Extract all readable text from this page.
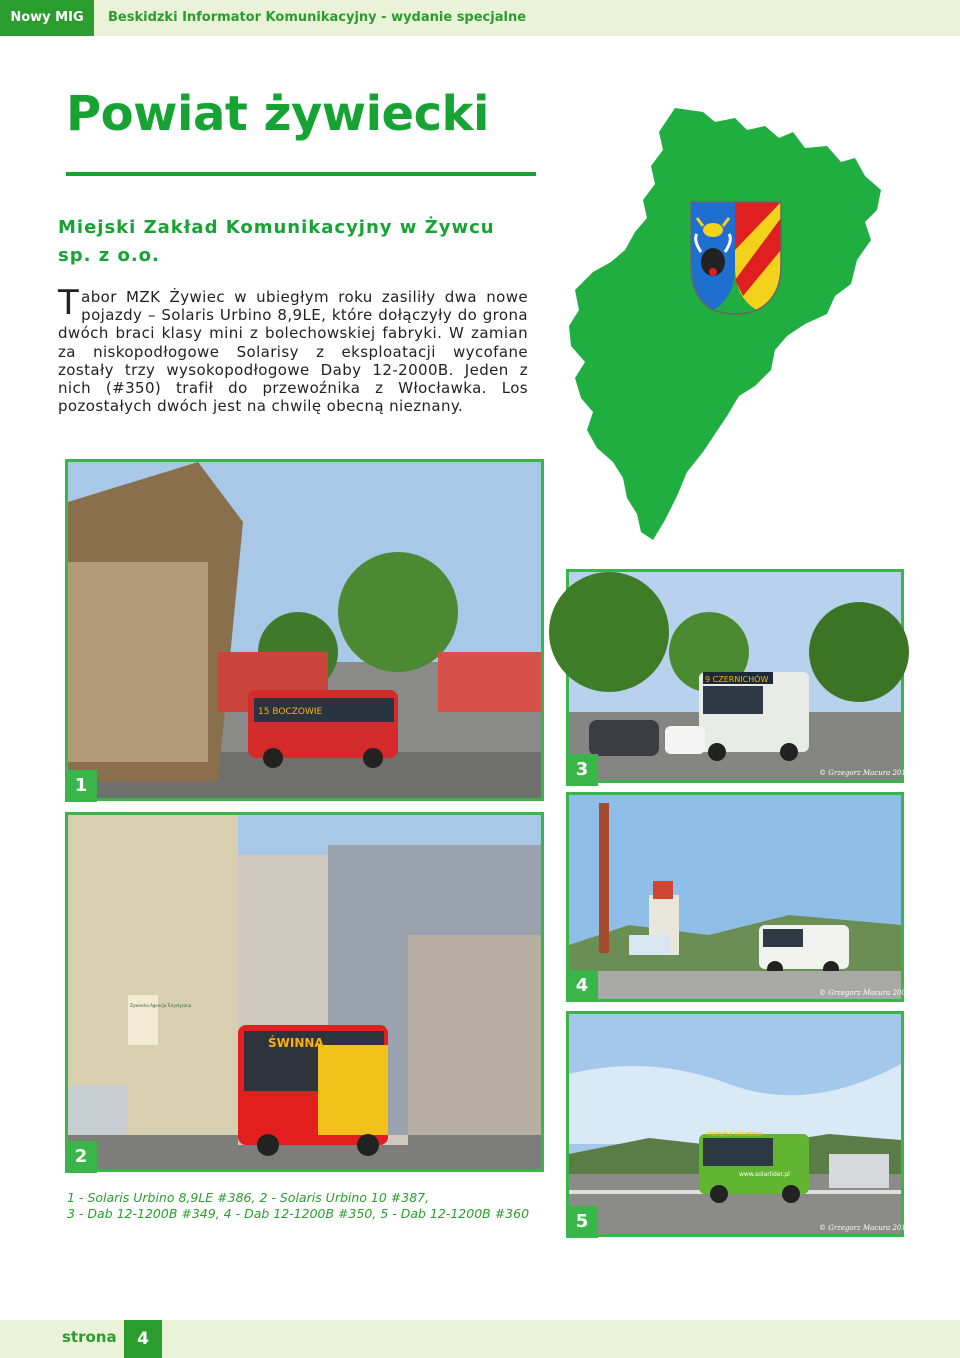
Nowy MIG	Beskidzki Informator Komunikacyjny - wydanie specjalne
Powiat żywiecki
Miejski Zakład Komunikacyjny w Żywcu
sp. z o.o.
Tabor MZK Żywiec w ubiegłym roku zasiliły dwa nowe pojazdy – Solaris Urbino 8,9LE, które dołączyły do grona dwóch braci klasy mini z bolechowskiej fabryki. W zamian za niskopodłogowe Solarisy z eksploatacji wycofane zostały trzy wysokopodłogowe Daby 12-2000B. Jeden z nich (#350) trafił do przewoźnika z Włocławka. Los pozostałych dwóch jest na chwilę obecną nieznany.
15 BOCZOWIE
1
ŚWINNA
Żywiecka Agencja Turystyczna
2
9 CZERNICHÓW
© Grzegorz Macura 2013
3
© Grzegorz Macura 2009
4
PRZELĘCZ KOCIERSKA
www.solarlider.pl
© Grzegorz Macura 2013
5
1 - Solaris Urbino 8,9LE #386, 2 - Solaris Urbino 10 #387,
3 - Dab 12-1200B #349, 4 - Dab 12-1200B #350, 5 - Dab 12-1200B #360
strona	4
